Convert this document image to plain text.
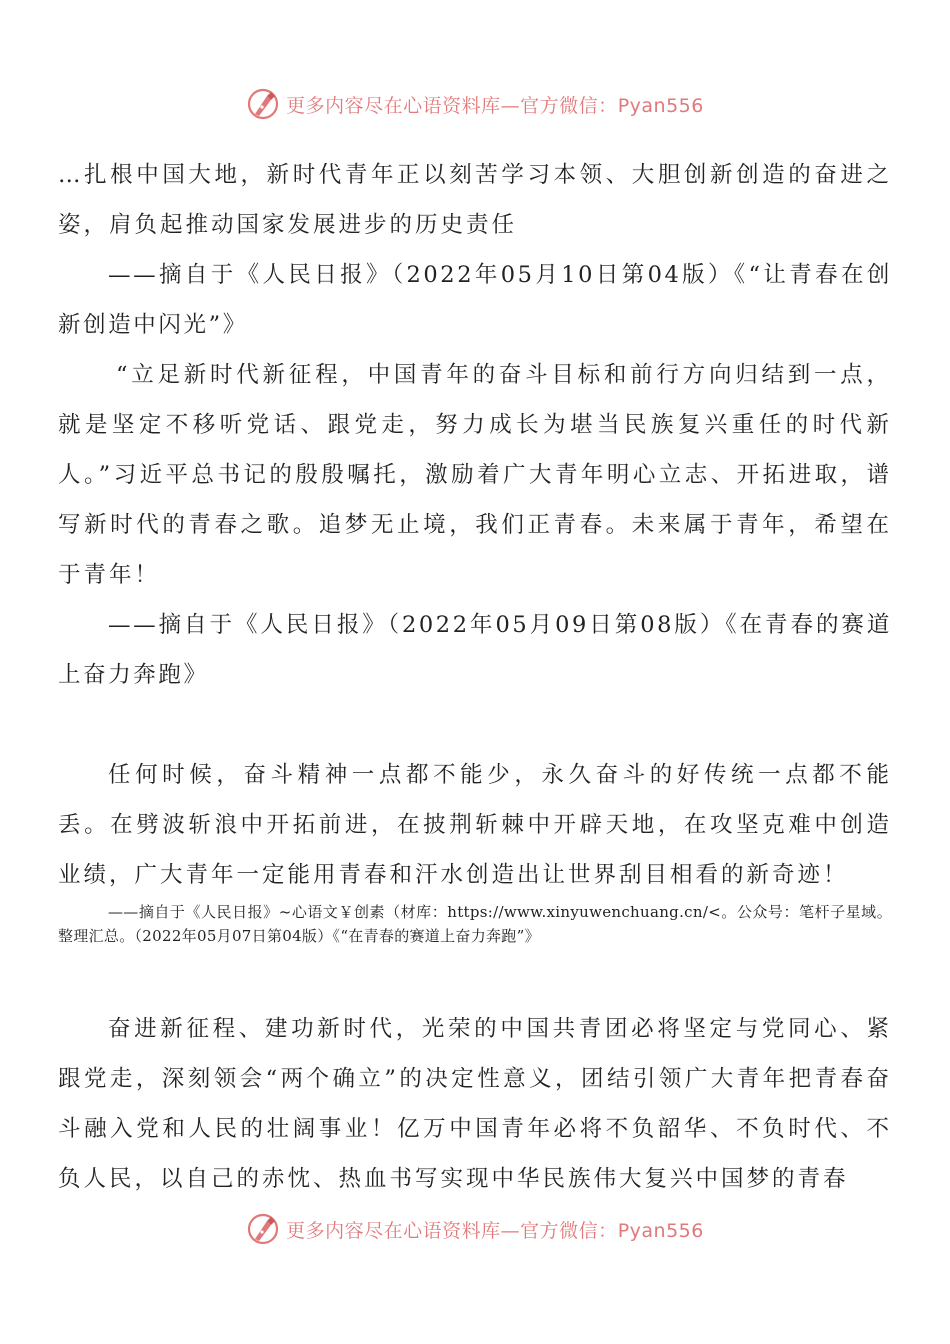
更多内容尽在心语资料库—官方微信：Pyan556

…扎根中国大地，新时代青年正以刻苦学习本领、大胆创新创造的奋进之姿，肩负起推动国家发展进步的历史责任

——摘自于《人民日报》（2022年05月10日第04版）《“让青春在创新创造中闪光”》

“立足新时代新征程，中国青年的奋斗目标和前行方向归结到一点，就是坚定不移听党话、跟党走，努力成长为堪当民族复兴重任的时代新人。”习近平总书记的殷殷嘱托，激励着广大青年明心立志、开拓进取，谱写新时代的青春之歌。追梦无止境，我们正青春。未来属于青年，希望在于青年！

——摘自于《人民日报》（2022年05月09日第08版）《在青春的赛道上奋力奔跑》

任何时候，奋斗精神一点都不能少，永久奋斗的好传统一点都不能丢。在劈波斩浪中开拓前进，在披荆斩棘中开辟天地，在攻坚克难中创造业绩，广大青年一定能用青春和汗水创造出让世界刮目相看的新奇迹！

——摘自于《人民日报》~心语文￥创素（材库：https://www.xinyuwenchuang.cn/<。公众号：笔杆子星域。整理汇总。（2022年05月07日第04版）《“在青春的赛道上奋力奔跑”》

奋进新征程、建功新时代，光荣的中国共青团必将坚定与党同心、紧跟党走，深刻领会“两个确立”的决定性意义，团结引领广大青年把青春奋斗融入党和人民的壮阔事业！亿万中国青年必将不负韶华、不负时代、不负人民，以自己的赤忱、热血书写实现中华民族伟大复兴中国梦的青春

更多内容尽在心语资料库—官方微信：Pyan556
